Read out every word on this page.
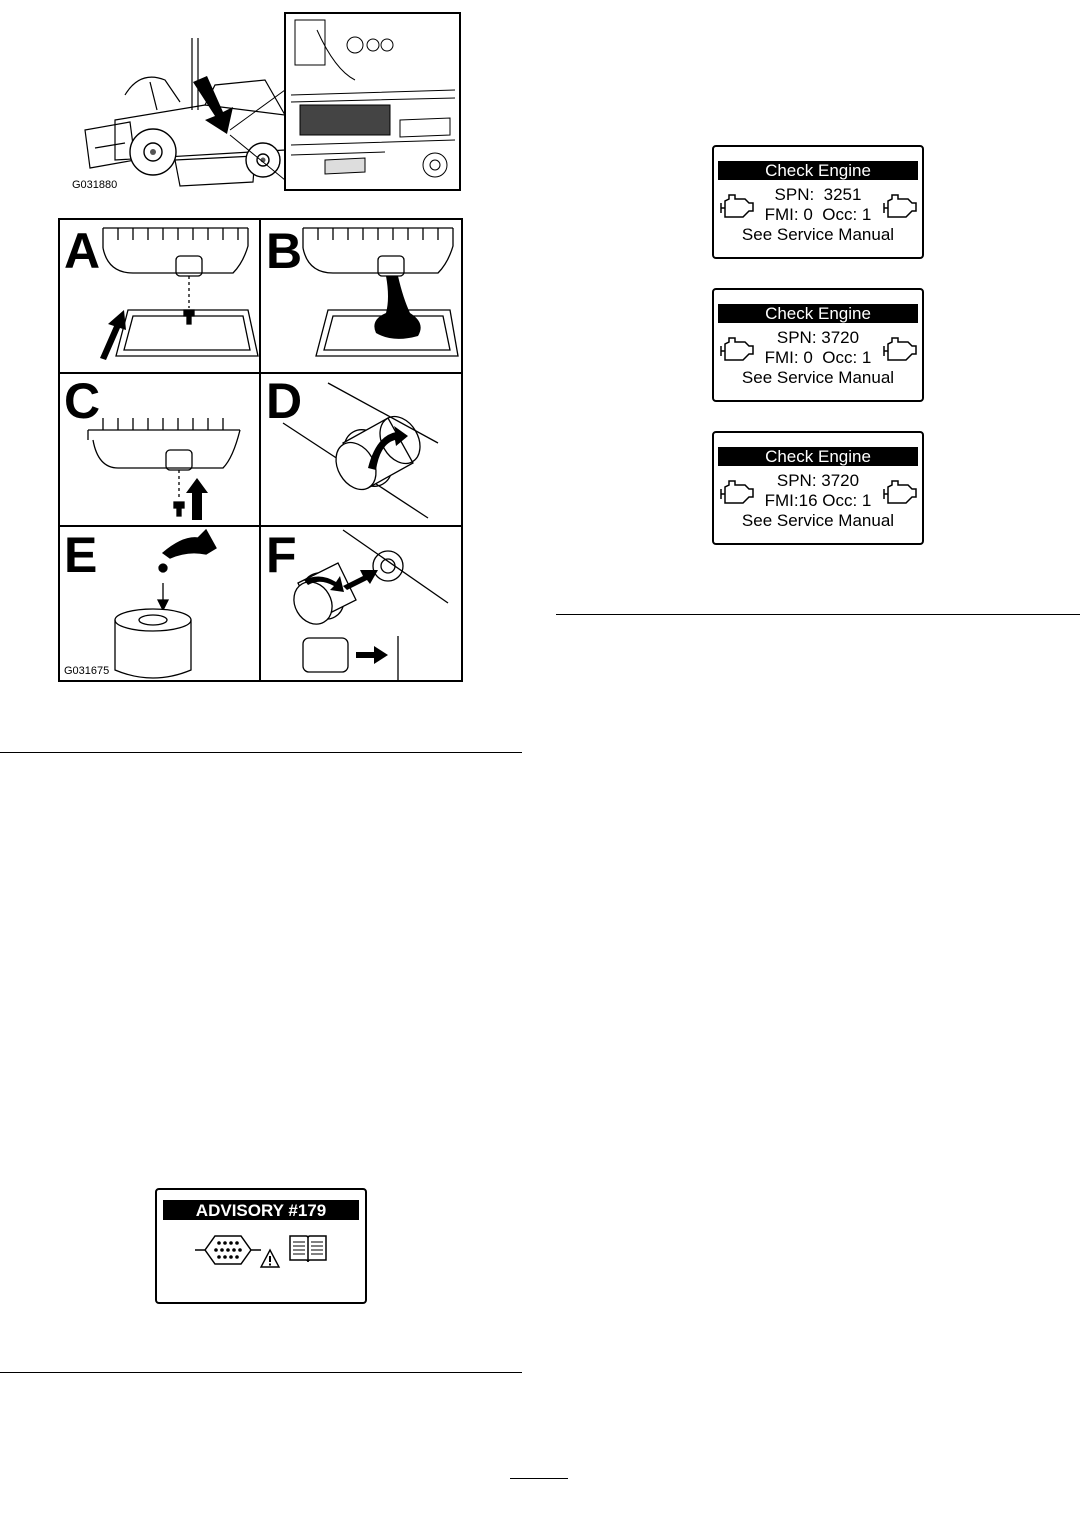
G031880
A	B
C	D
E	F
G031675
Check Engine
SPN:  3251
FMI: 0  Occ: 1
See Service Manual
Check Engine
SPN: 3720
FMI: 0  Occ: 1
See Service Manual
Check Engine
SPN: 3720
FMI:16 Occ: 1
See Service Manual
ADVISORY #179
